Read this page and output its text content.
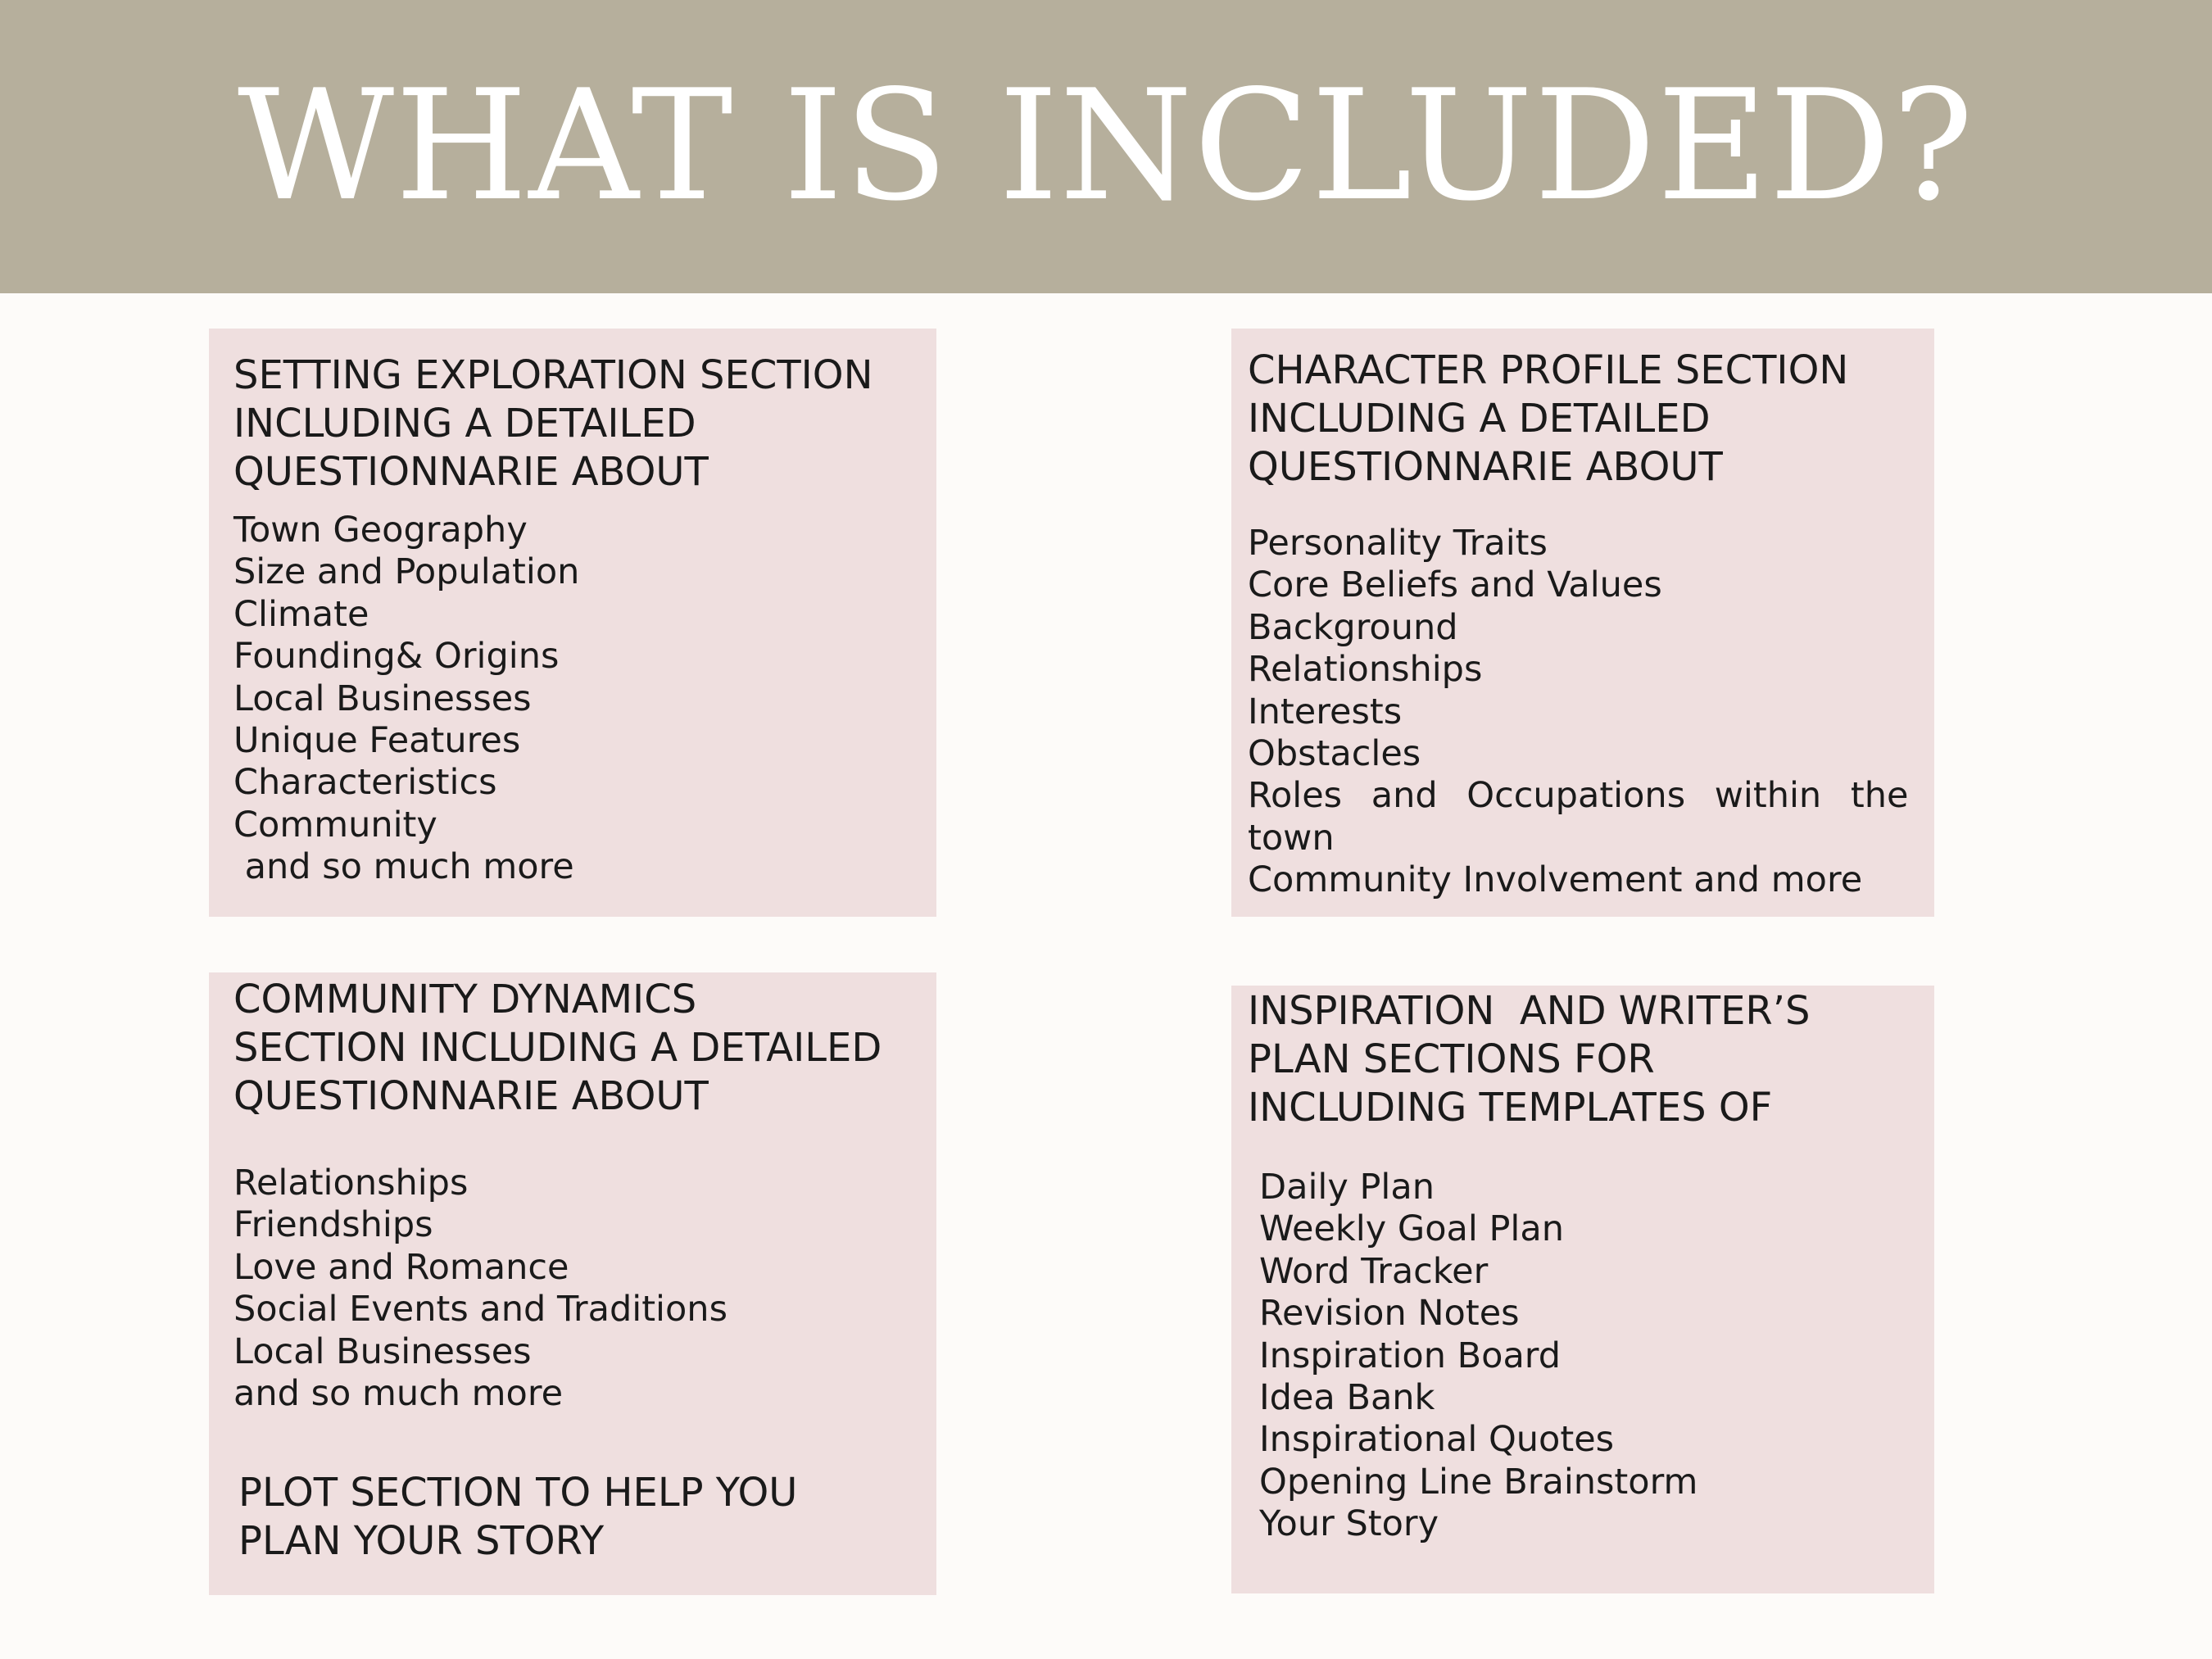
WHAT IS INCLUDED?
SETTING EXPLORATION SECTION
INCLUDING A DETAILED
QUESTIONNARIE ABOUT
Town Geography
Size and Population
Climate
Founding& Origins
Local Businesses
Unique Features
Characteristics
Community
and so much more
CHARACTER PROFILE SECTION
INCLUDING A DETAILED
QUESTIONNARIE ABOUT
Personality Traits
Core Beliefs and Values
Background
Relationships
Interests
Obstacles
Roles and Occupations within the
town
Community Involvement and more
COMMUNITY DYNAMICS
SECTION INCLUDING A DETAILED
QUESTIONNARIE ABOUT
Relationships
Friendships
Love and Romance
Social Events and Traditions
Local Businesses
and so much more
PLOT SECTION TO HELP YOU
PLAN YOUR STORY
INSPIRATION  AND WRITER’S
PLAN SECTIONS FOR
INCLUDING TEMPLATES OF
Daily Plan
Weekly Goal Plan
Word Tracker
Revision Notes
Inspiration Board
Idea Bank
Inspirational Quotes
Opening Line Brainstorm
Your Story
